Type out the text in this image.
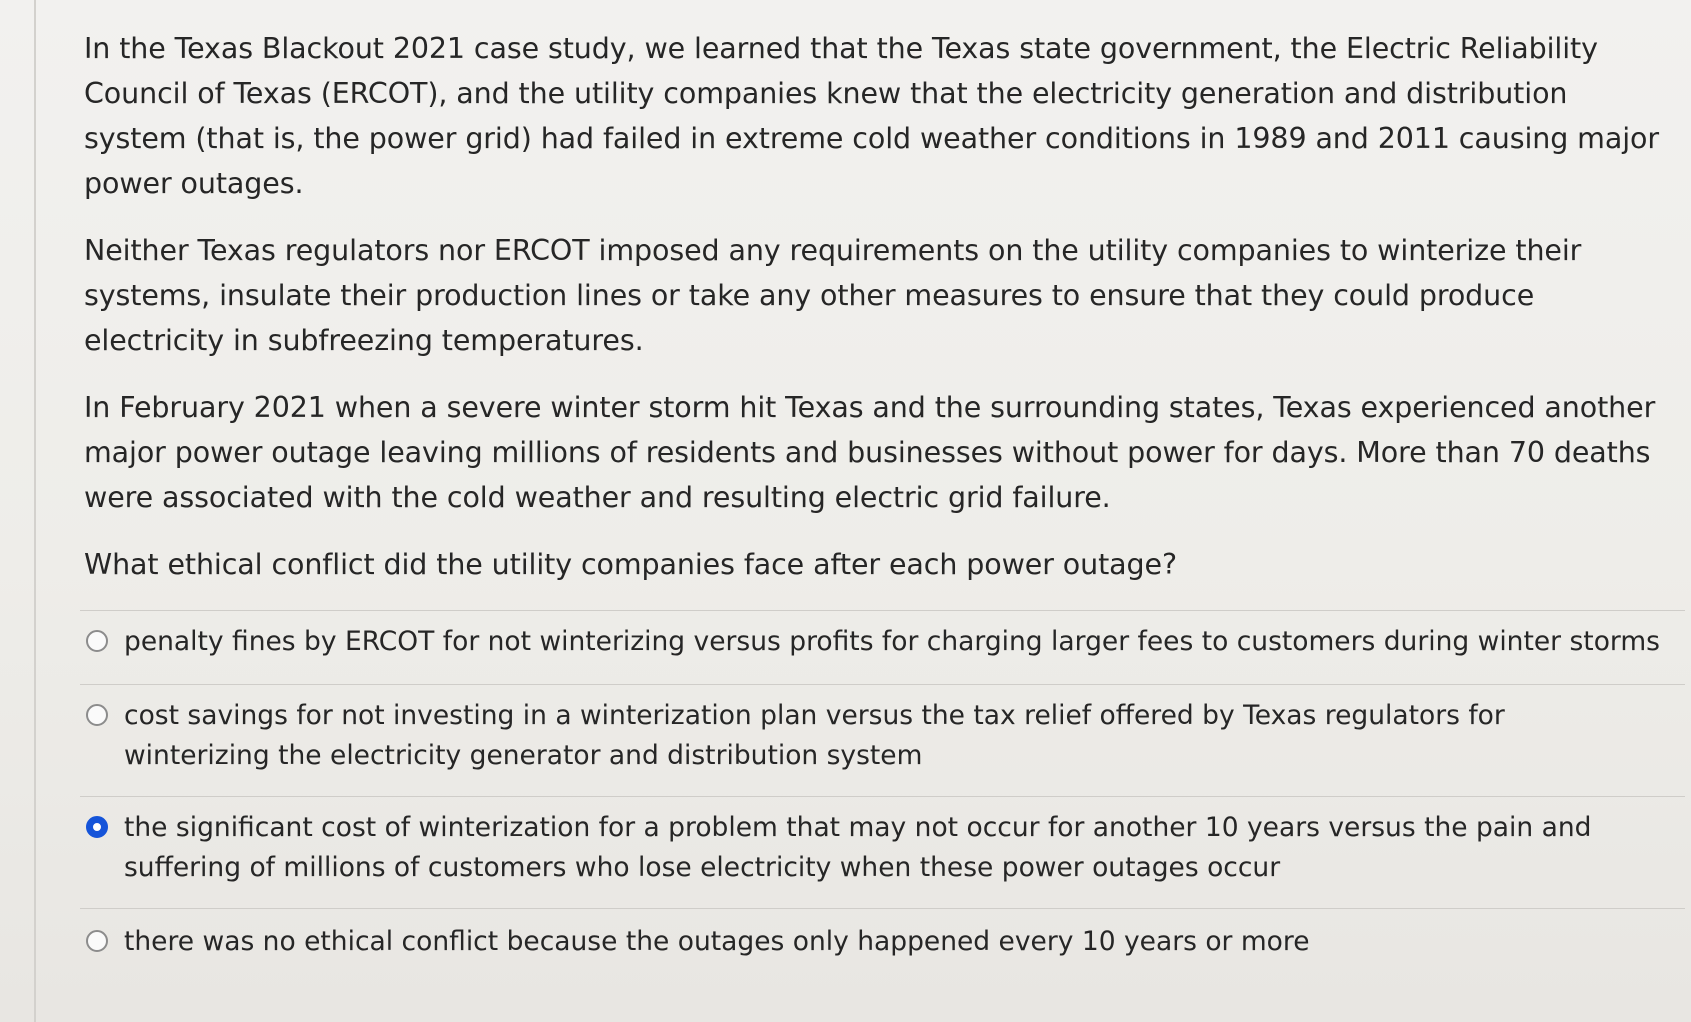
In the Texas Blackout 2021 case study, we learned that the Texas state government, the Electric Reliability Council of Texas (ERCOT), and the utility companies knew that the electricity generation and distribution system (that is, the power grid) had failed in extreme cold weather conditions in 1989 and 2011 causing major power outages.

Neither Texas regulators nor ERCOT imposed any requirements on the utility companies to winterize their systems, insulate their production lines or take any other measures to ensure that they could produce electricity in subfreezing temperatures.

In February 2021 when a severe winter storm hit Texas and the surrounding states, Texas experienced another major power outage leaving millions of residents and businesses without power for days. More than 70 deaths were associated with the cold weather and resulting electric grid failure.

What ethical conflict did the utility companies face after each power outage?

penalty fines by ERCOT for not winterizing versus profits for charging larger fees to customers during winter storms
cost savings for not investing in a winterization plan versus the tax relief offered by Texas regulators for winterizing the electricity generator and distribution system
the significant cost of winterization for a problem that may not occur for another 10 years versus the pain and suffering of millions of customers who lose electricity when these power outages occur
there was no ethical conflict because the outages only happened every 10 years or more
